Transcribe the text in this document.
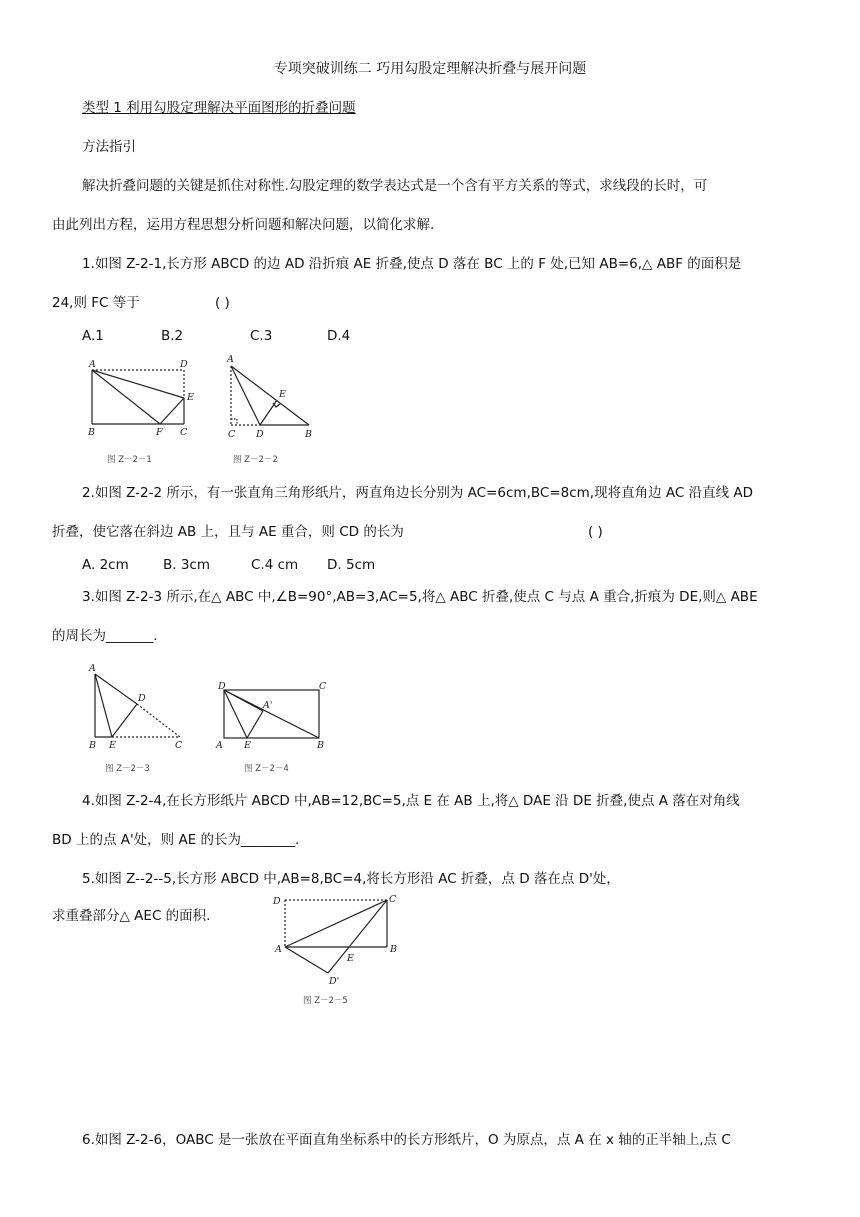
专项突破训练二 巧用勾股定理解决折叠与展开问题
类型 1 利用勾股定理解决平面图形的折叠问题
方法指引
解决折叠问题的关键是抓住对称性.勾股定理的数学表达式是一个含有平方关系的等式，求线段的长时，可
由此列出方程，运用方程思想分析问题和解决问题，以简化求解.
1.如图 Z-2-1,长方形 ABCD 的边 AD 沿折痕 AE 折叠,使点 D 落在 BC 上的 F 处,已知 AB=6,△ ABF 的面积是
24,则 FC 等于	( )
A.1	B.2	C.3	D.4
A	D
E
B	F C
图 Z－2－1
A
E
C D	B
图 Z－2－2
2.如图 Z-2-2 所示，有一张直角三角形纸片，两直角边长分别为 AC=6cm,BC=8cm,现将直角边 AC 沿直线 AD
折叠，使它落在斜边 AB 上，且与 AE 重合，则 CD 的长为	( )
A. 2cm	B. 3cm	C.4 cm D. 5cm
3.如图 Z-2-3 所示,在△ ABC 中,∠B=90°,AB=3,AC=5,将△ ABC 折叠,使点 C 与点 A 重合,折痕为 DE,则△ ABE
的周长为_______.
A
D
B E	C
图 Z－2－3
D	C
A'
A E	B
图 Z－2－4
4.如图 Z-2-4,在长方形纸片 ABCD 中,AB=12,BC=5,点 E 在 AB 上,将△ DAE 沿 DE 折叠,使点 A 落在对角线
BD 上的点 A'处，则 AE 的长为________.
5.如图 Z--2--5,长方形 ABCD 中,AB=8,BC=4,将长方形沿 AC 折叠，点 D 落在点 D'处，
求重叠部分△ AEC 的面积.
D	C
A	B
E
D'
图 Z－2－5
6.如图 Z-2-6，OABC 是一张放在平面直角坐标系中的长方形纸片，O 为原点，点 A 在 x 轴的正半轴上,点 C
